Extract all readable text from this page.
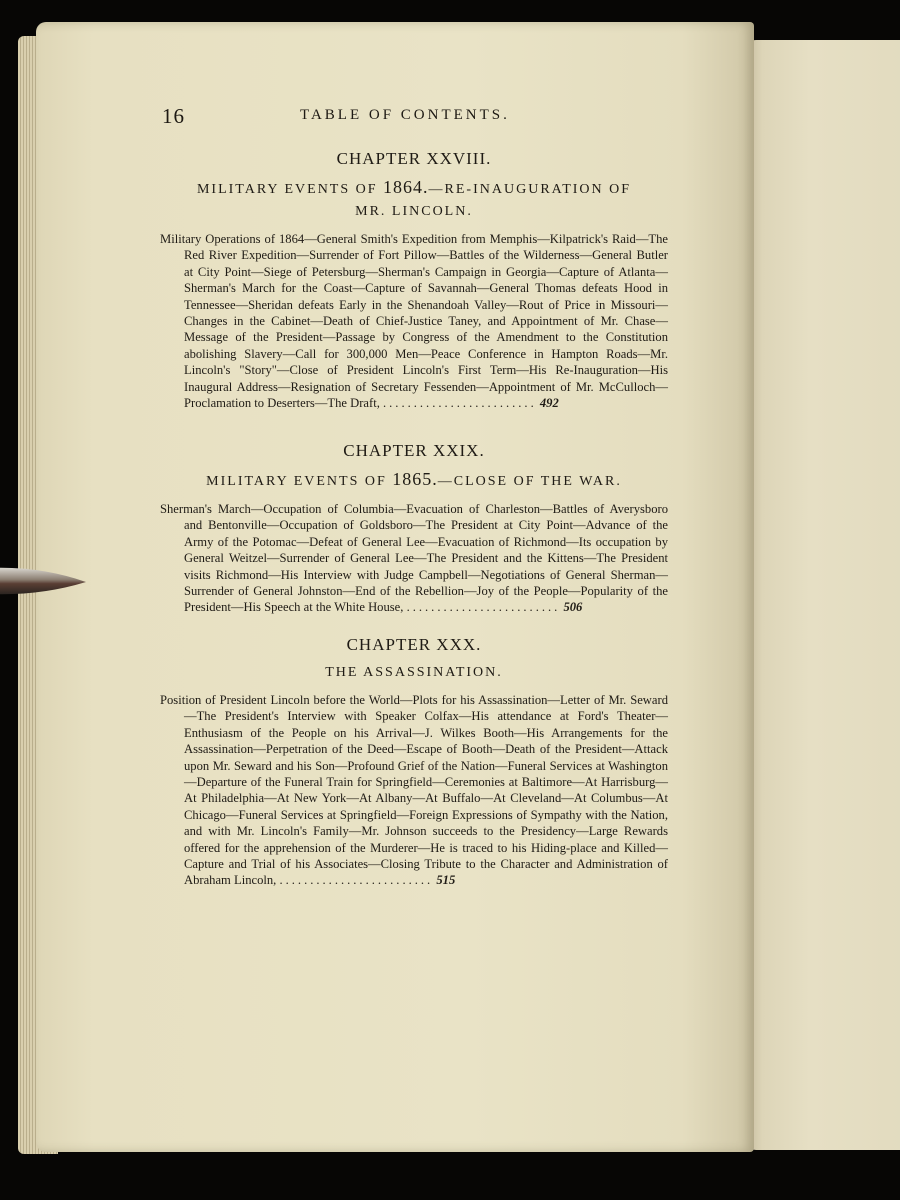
16	TABLE OF CONTENTS.

CHAPTER XXVIII.

MILITARY EVENTS OF 1864.—RE-INAUGURATION OF
MR. LINCOLN.

Military Operations of 1864—General Smith's Expedition from Memphis—Kilpatrick's Raid—The Red River Expedition—Surrender of Fort Pillow—Battles of the Wilderness—General Butler at City Point—Siege of Petersburg—Sherman's Campaign in Georgia—Capture of Atlanta—Sherman's March for the Coast—Capture of Savannah—General Thomas defeats Hood in Tennessee—Sheridan defeats Early in the Shenandoah Valley—Rout of Price in Missouri—Changes in the Cabinet—Death of Chief-Justice Taney, and Appointment of Mr. Chase—Message of the President—Passage by Congress of the Amendment to the Constitution abolishing Slavery—Call for 300,000 Men—Peace Conference in Hampton Roads—Mr. Lincoln's "Story"—Close of President Lincoln's First Term—His Re-Inauguration—His Inaugural Address—Resignation of Secretary Fessenden—Appointment of Mr. McCulloch—Proclamation to Deserters—The Draft, ......................... 492

CHAPTER XXIX.

MILITARY EVENTS OF 1865.—CLOSE OF THE WAR.

Sherman's March—Occupation of Columbia—Evacuation of Charleston—Battles of Averysboro and Bentonville—Occupation of Goldsboro—The President at City Point—Advance of the Army of the Potomac—Defeat of General Lee—Evacuation of Richmond—Its occupation by General Weitzel—Surrender of General Lee—The President and the Kittens—The President visits Richmond—His Interview with Judge Campbell—Negotiations of General Sherman—Surrender of General Johnston—End of the Rebellion—Joy of the People—Popularity of the President—His Speech at the White House, ......................... 506

CHAPTER XXX.

THE ASSASSINATION.

Position of President Lincoln before the World—Plots for his Assassination—Letter of Mr. Seward—The President's Interview with Speaker Colfax—His attendance at Ford's Theater—Enthusiasm of the People on his Arrival—J. Wilkes Booth—His Arrangements for the Assassination—Perpetration of the Deed—Escape of Booth—Death of the President—Attack upon Mr. Seward and his Son—Profound Grief of the Nation—Funeral Services at Washington—Departure of the Funeral Train for Springfield—Ceremonies at Baltimore—At Harrisburg—At Philadelphia—At New York—At Albany—At Buffalo—At Cleveland—At Columbus—At Chicago—Funeral Services at Springfield—Foreign Expressions of Sympathy with the Nation, and with Mr. Lincoln's Family—Mr. Johnson succeeds to the Presidency—Large Rewards offered for the apprehension of the Murderer—He is traced to his Hiding-place and Killed—Capture and Trial of his Associates—Closing Tribute to the Character and Administration of Abraham Lincoln, ......................... 515
